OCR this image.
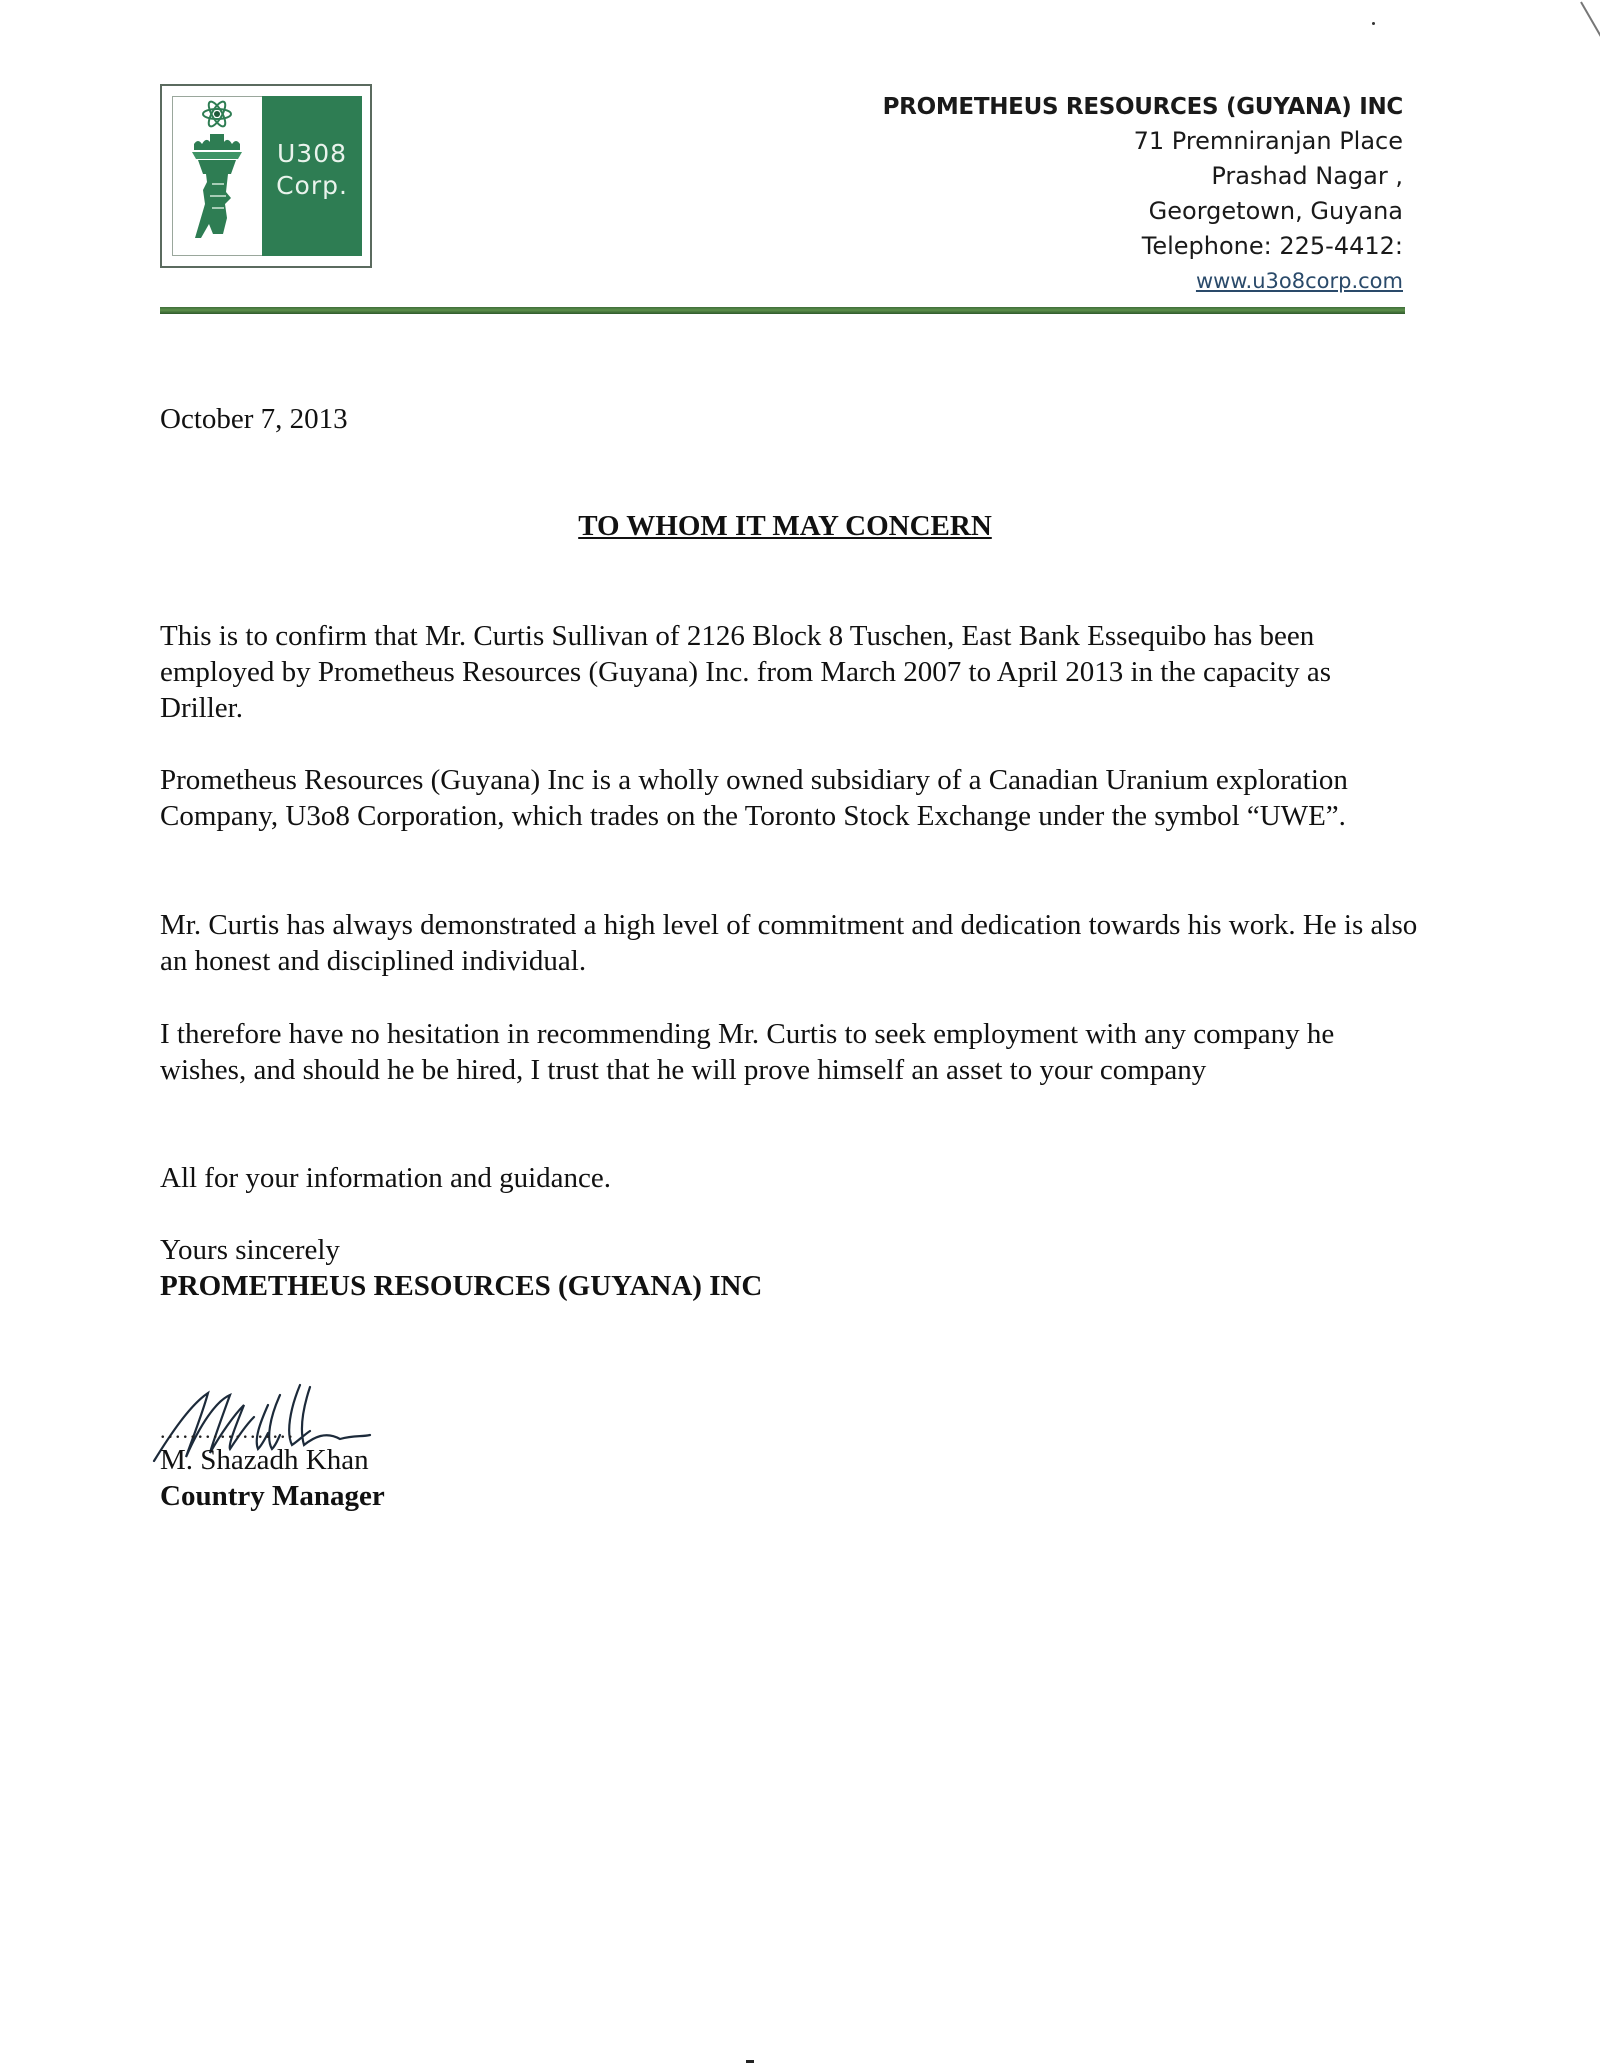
U308
Corp.
PROMETHEUS RESOURCES (GUYANA) INC
71 Premniranjan Place
Prashad Nagar ,
Georgetown, Guyana
Telephone: 225-4412:
www.u3o8corp.com
October 7, 2013
TO WHOM IT MAY CONCERN
This is to confirm that Mr. Curtis Sullivan of 2126 Block 8 Tuschen, East Bank Essequibo has been employed by Prometheus Resources (Guyana) Inc. from March 2007 to April 2013 in the capacity as Driller.
Prometheus Resources (Guyana) Inc is a wholly owned subsidiary of a Canadian Uranium exploration Company, U3o8 Corporation, which trades on the Toronto Stock Exchange under the symbol “UWE”.
Mr. Curtis has always demonstrated a high level of commitment and dedication towards his work. He is also an honest and disciplined individual.
I therefore have no hesitation in recommending Mr. Curtis to seek employment with any company he wishes, and should he be hired, I trust that he will prove himself an asset to your company
All for your information and guidance.
Yours sincerely
PROMETHEUS RESOURCES (GUYANA) INC
..................
M. Shazadh Khan
Country Manager
